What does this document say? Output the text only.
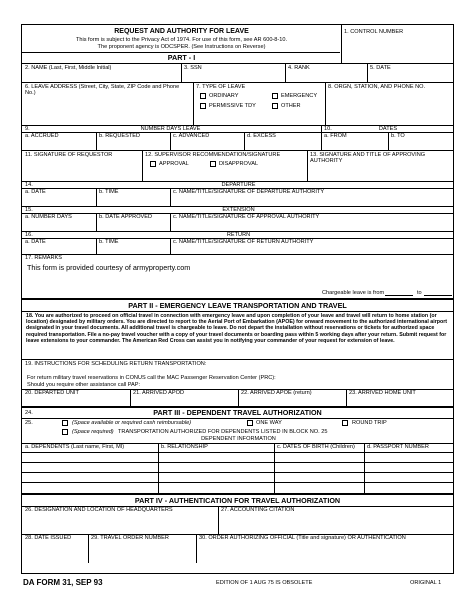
REQUEST AND AUTHORITY FOR LEAVE
This form is subject to the Privacy Act of 1974. For use of this form, see AR 600-8-10.
The proponent agency is ODCSPER. (See Instructions on Reverse)
1. CONTROL NUMBER
PART - I
2. NAME (Last, First, Middle Initial)	3. SSN	4. RANK	5. DATE
6. LEAVE ADDRESS (Street, City, State, ZIP Code and Phone No.)
7. TYPE OF LEAVE
ORDINARY	EMERGENCY
PERMISSIVE TDY	OTHER
8. ORGN, STATION, AND PHONE NO.
9.	NUMBER DAYS LEAVE	10.	DATES
a. ACCRUED	b. REQUESTED	c. ADVANCED	d. EXCESS	a. FROM	b. TO
11. SIGNATURE OF REQUESTOR	12. SUPERVISOR RECOMMENDATION/SIGNATURE
APPROVAL	DISAPPROVAL
13. SIGNATURE AND TITLE OF APPROVING AUTHORITY
14.	DEPARTURE
a. DATE	b. TIME	c. NAME/TITLE/SIGNATURE OF DEPARTURE AUTHORITY
15.	EXTENSION
a. NUMBER DAYS	b. DATE APPROVED	c. NAME/TITLE/SIGNATURE OF APPROVAL AUTHORITY
16.	RETURN
a. DATE	b. TIME	c. NAME/TITLE/SIGNATURE OF RETURN AUTHORITY
17. REMARKS
This form is provided courtesy of armyproperty.com
Chargeable leave is from	to
PART II - EMERGENCY LEAVE TRANSPORTATION AND TRAVEL
18. You are authorized to proceed on official travel in connection with emergency leave and upon completion of your leave and travel will return to home station (or location) designated by military orders. You are directed to report to the Aerial Port of Embarkation (APOE) for onward movement to the authorized international airport designated in your travel documents. All additional travel is chargeable to leave. Do not depart the installation without reservations or tickets for authorized space required transportation. File a no-pay travel voucher with a copy of your travel documents or boarding pass within 5 working days after your return. Submit request for leave extensions to your commander. The American Red Cross can assist you in notifying your commander of your request for extension of leave.
19. INSTRUCTIONS FOR SCHEDULING RETURN TRANSPORTATION:
For return military travel reservations in CONUS call the MAC Passenger Reservation Center (PRC):
Should you require other assistance call PAP:
20. DEPARTED UNIT	21. ARRIVED APOD	22. ARRIVED APOE (return)	23. ARRIVED HOME UNIT
24.	PART III - DEPENDENT TRAVEL AUTHORIZATION
25.	(Space available or required cash reimbursable)	ONE WAY	ROUND TRIP
(Space required) TRANSPORTATION AUTHORIZED FOR DEPENDENTS LISTED IN BLOCK NO. 25
DEPENDENT INFORMATION
a. DEPENDENTS (Last name, First, MI)	b. RELATIONSHIP	c. DATES OF BIRTH (Children) d. PASSPORT NUMBER
PART IV - AUTHENTICATION FOR TRAVEL AUTHORIZATION
26. DESIGNATION AND LOCATION OF HEADQUARTERS	27. ACCOUNTING CITATION
28. DATE ISSUED	29. TRAVEL ORDER NUMBER	30. ORDER AUTHORIZING OFFICIAL (Title and signature) OR AUTHENTICATION
DA FORM 31, SEP 93	EDITION OF 1 AUG 75 IS OBSOLETE	ORIGINAL 1
